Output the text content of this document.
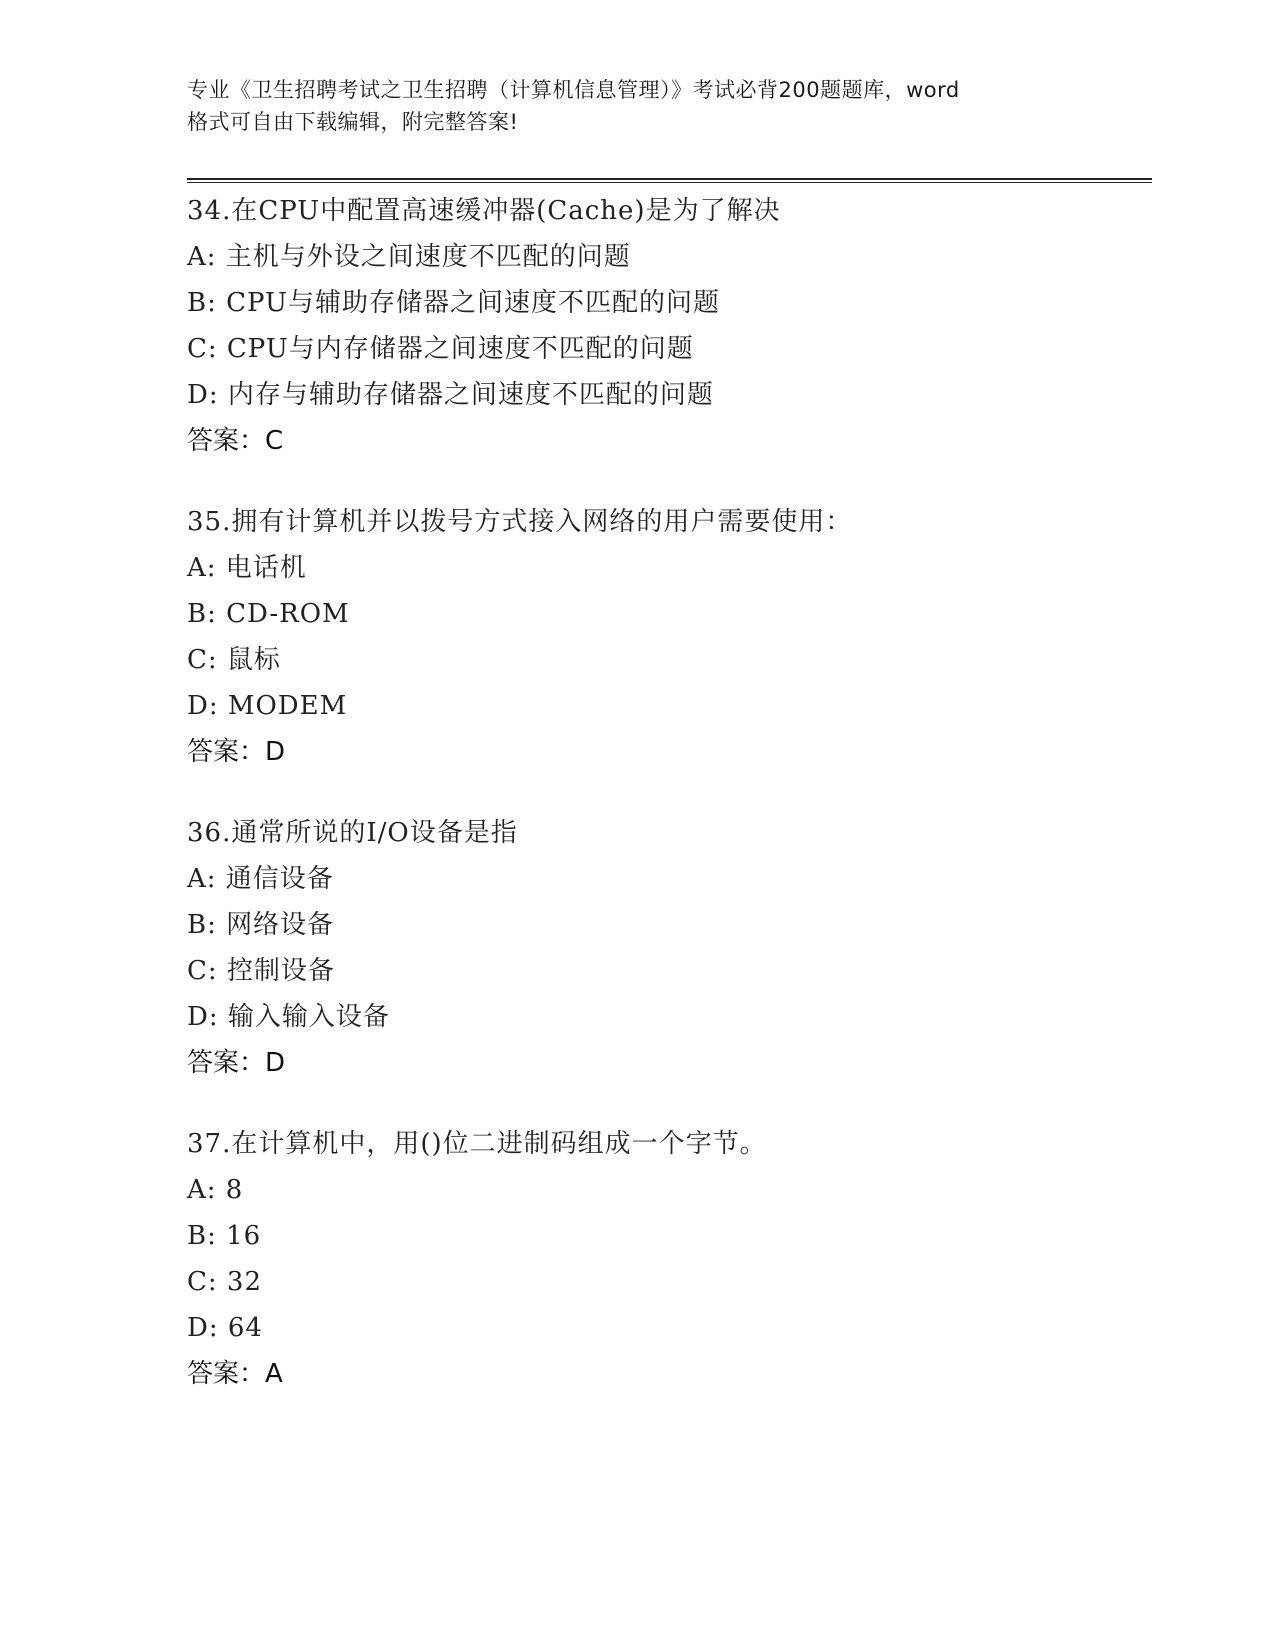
专业《卫生招聘考试之卫生招聘（计算机信息管理）》考试必背200题题库，word
格式可自由下载编辑，附完整答案!
34.在CPU中配置高速缓冲器(Cache)是为了解决
A: 主机与外设之间速度不匹配的问题
B: CPU与辅助存储器之间速度不匹配的问题
C: CPU与内存储器之间速度不匹配的问题
D: 内存与辅助存储器之间速度不匹配的问题
答案：C
35.拥有计算机并以拨号方式接入网络的用户需要使用：
A: 电话机
B: CD-ROM
C: 鼠标
D: MODEM
答案：D
36.通常所说的I/O设备是指
A: 通信设备
B: 网络设备
C: 控制设备
D: 输入输入设备
答案：D
37.在计算机中，用()位二进制码组成一个字节。
A: 8
B: 16
C: 32
D: 64
答案：A
